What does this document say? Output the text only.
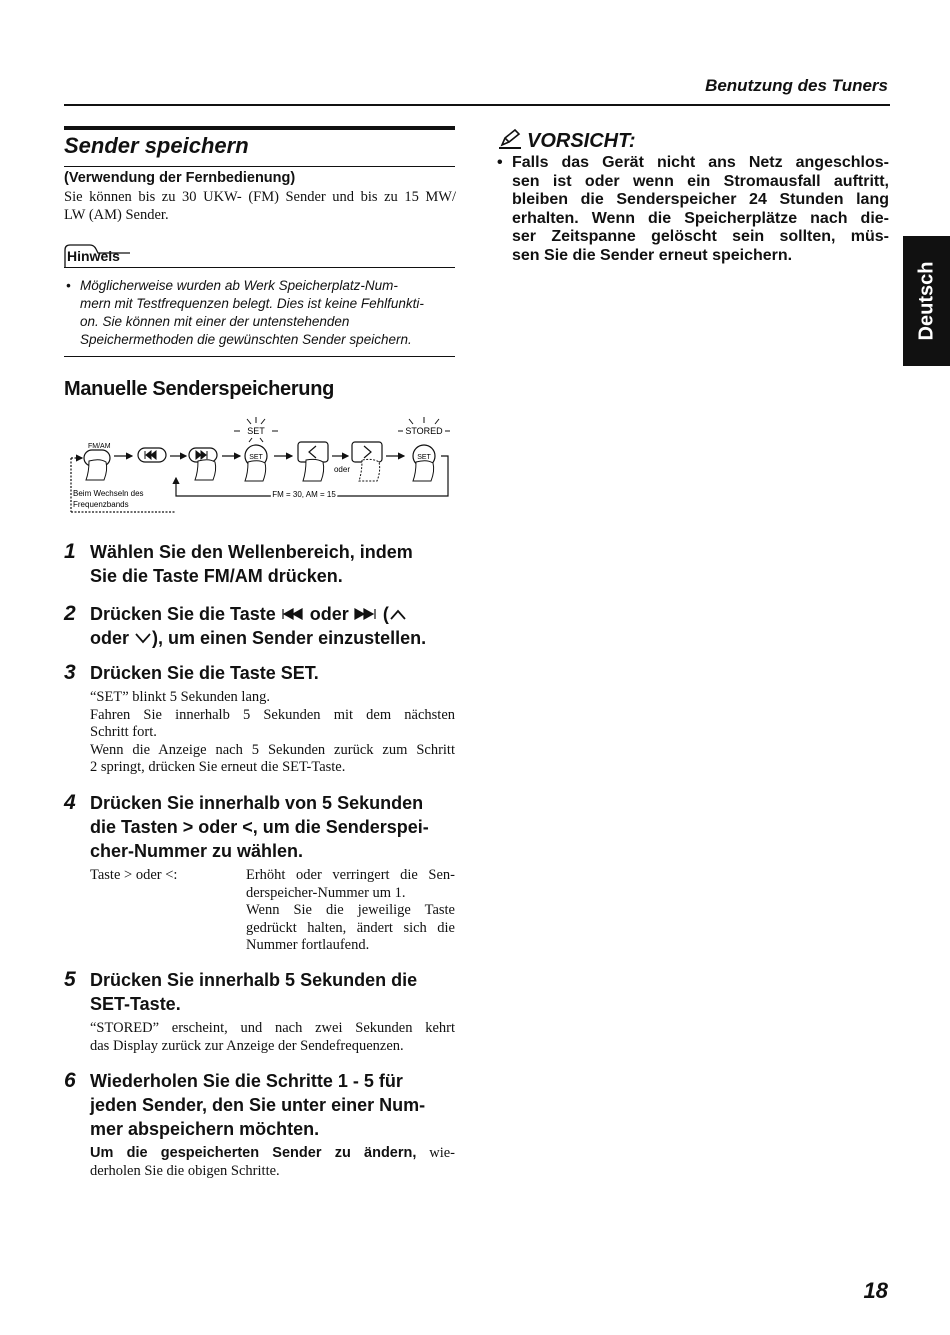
Benutzung des Tuners
Deutsch
Sender speichern
(Verwendung der Fernbedienung)
Sie können bis zu 30 UKW- (FM) Sender und bis zu 15 MW/
LW (AM) Sender.
Hinweis
• Möglicherweise wurden ab Werk Speicherplatz-Num-
mern mit Testfrequenzen belegt. Dies ist keine Fehlfunkti-
on. Sie können mit einer der untenstehenden
Speichermethoden die gewünschten Sender speichern.
Manuelle Senderspeicherung
FM/AM
SET
SET
oder
STORED
SET
FM = 30, AM = 15
Beim Wechseln des
Frequenzbands
1 Wählen Sie den Wellenbereich, indem
Sie die Taste FM/AM drücken.
2 Drücken Sie die Taste oder (
oder ), um einen Sender einzustellen.
3 Drücken Sie die Taste SET.
“SET” blinkt 5 Sekunden lang.
Fahren Sie innerhalb 5 Sekunden mit dem nächsten
Schritt fort.
Wenn die Anzeige nach 5 Sekunden zurück zum Schritt
2 springt, drücken Sie erneut die SET-Taste.
4 Drücken Sie innerhalb von 5 Sekunden
die Tasten > oder <, um die Senderspei-
cher-Nummer zu wählen.
Taste > oder <:	Erhöht oder verringert die Sen-
derspeicher-Nummer um 1.
Wenn Sie die jeweilige Taste
gedrückt halten, ändert sich die
Nummer fortlaufend.
5 Drücken Sie innerhalb 5 Sekunden die
SET-Taste.
“STORED” erscheint, und nach zwei Sekunden kehrt
das Display zurück zur Anzeige der Sendefrequenzen.
6 Wiederholen Sie die Schritte 1 - 5 für
jeden Sender, den Sie unter einer Num-
mer abspeichern möchten.
Um die gespeicherten Sender zu ändern, wie-
derholen Sie die obigen Schritte.
VORSICHT:
• Falls das Gerät nicht ans Netz angeschlos-
sen ist oder wenn ein Stromausfall auftritt,
bleiben die Senderspeicher 24 Stunden lang
erhalten. Wenn die Speicherplätze nach die-
ser Zeitspanne gelöscht sein sollten, müs-
sen Sie die Sender erneut speichern.
18
